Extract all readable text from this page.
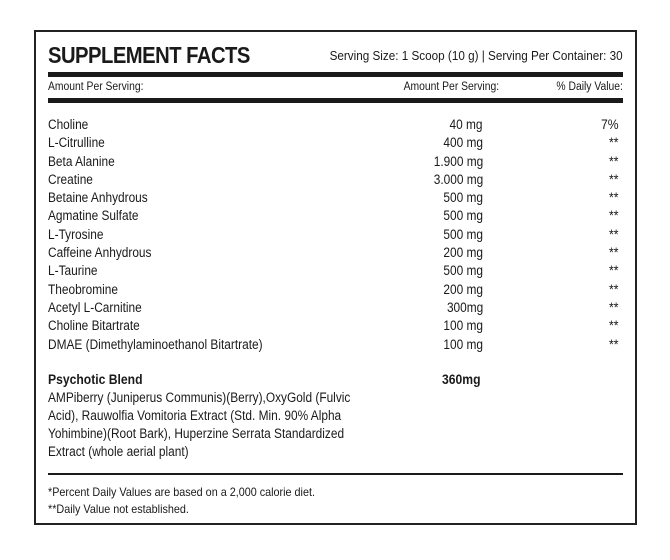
SUPPLEMENT FACTS	Serving Size: 1 Scoop (10 g) | Serving Per Container: 30
Amount Per Serving:	Amount Per Serving:	% Daily Value:
Choline	40 mg	7%
L-Citrulline	400 mg	**
Beta Alanine	1.900 mg	**
Creatine	3.000 mg	**
Betaine Anhydrous	500 mg	**
Agmatine Sulfate	500 mg	**
L-Tyrosine	500 mg	**
Caffeine Anhydrous	200 mg	**
L-Taurine	500 mg	**
Theobromine	200 mg	**
Acetyl L-Carnitine	300mg	**
Choline Bitartrate	100 mg	**
DMAE (Dimethylaminoethanol Bitartrate)	100 mg	**
Psychotic Blend	360mg
AMPiberry (Juniperus Communis)(Berry),OxyGold (Fulvic
Acid), Rauwolfia Vomitoria Extract (Std. Min. 90% Alpha
Yohimbine)(Root Bark), Huperzine Serrata Standardized
Extract (whole aerial plant)
*Percent Daily Values are based on a 2,000 calorie diet.
**Daily Value not established.
